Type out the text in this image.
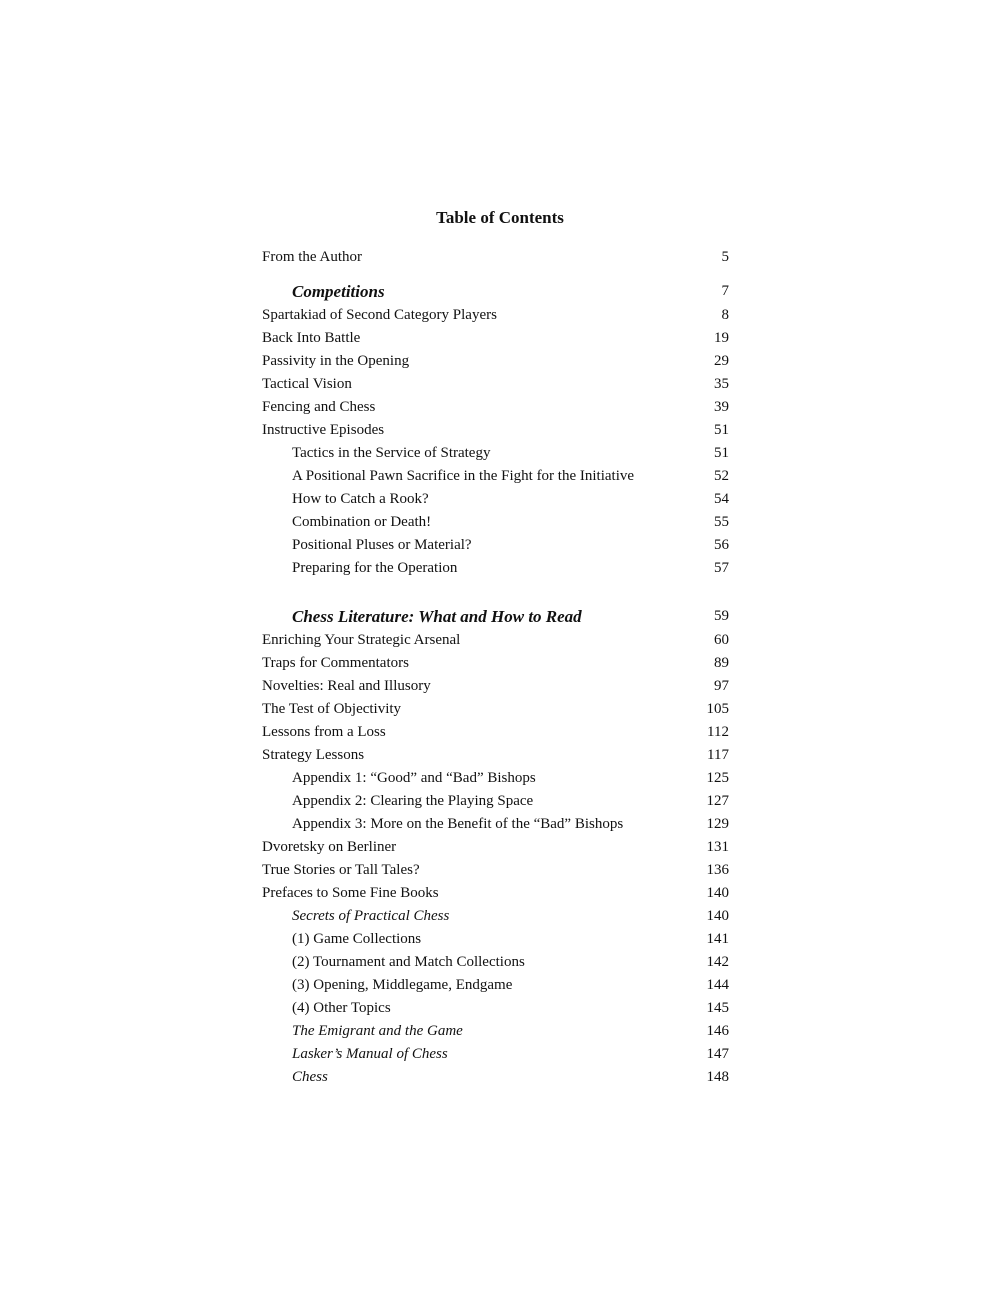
Table of Contents
From the Author	5
Competitions	7
Spartakiad of Second Category Players	8
Back Into Battle	19
Passivity in the Opening	29
Tactical Vision	35
Fencing and Chess	39
Instructive Episodes	51
Tactics in the Service of Strategy	51
A Positional Pawn Sacrifice in the Fight for the Initiative	52
How to Catch a Rook?	54
Combination or Death!	55
Positional Pluses or Material?	56
Preparing for the Operation	57
Chess Literature: What and How to Read	59
Enriching Your Strategic Arsenal	60
Traps for Commentators	89
Novelties: Real and Illusory	97
The Test of Objectivity	105
Lessons from a Loss	112
Strategy Lessons	117
Appendix 1: “Good” and “Bad” Bishops	125
Appendix 2: Clearing the Playing Space	127
Appendix 3: More on the Benefit of the “Bad” Bishops	129
Dvoretsky on Berliner	131
True Stories or Tall Tales?	136
Prefaces to Some Fine Books	140
Secrets of Practical Chess	140
(1) Game Collections	141
(2) Tournament and Match Collections	142
(3) Opening, Middlegame, Endgame	144
(4) Other Topics	145
The Emigrant and the Game	146
Lasker’s Manual of Chess	147
Chess	148
